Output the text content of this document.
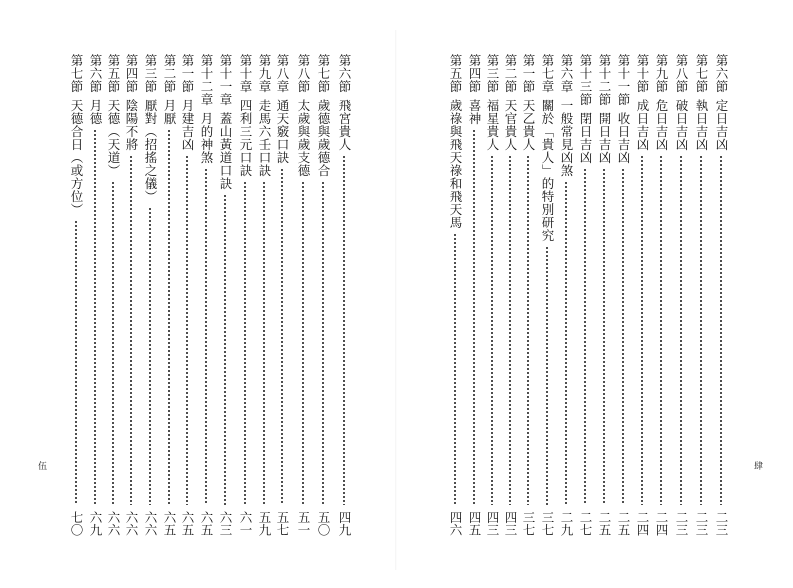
第六節
飛宮貴人
四九
第七節
歲德與歲德合
五〇
第八節
太歲與歲支德
五一
第八章
通天竅口訣
五七
第九章
走馬六壬口訣
五九
第十章
四利三元口訣
六一
第十一章
蓋山黃道口訣
六三
第十二章
月的神煞
六五
第一節
月建吉凶
六五
第二節
月厭
六五
第三節
厭對（招搖之儀）
六六
第四節
陰陽不將
六六
第五節
天德（天道）
六六
第六節
月德
六九
第七節
天德合日（或方位）
七〇
伍
第六節
定日吉凶
二三
第七節
執日吉凶
二三
第八節
破日吉凶
二三
第九節
危日吉凶
二四
第十節
成日吉凶
二四
第十一節
收日吉凶
二五
第十二節
開日吉凶
二五
第十三節
閉日吉凶
二七
第六章
一般常見凶煞
二九
第七章
關於「貴人」的特別研究
三七
第一節
天乙貴人
三七
第二節
天官貴人
四三
第三節
福星貴人
四三
第四節
喜神
四五
第五節
歲祿與飛天祿和飛天馬
四六
肆
